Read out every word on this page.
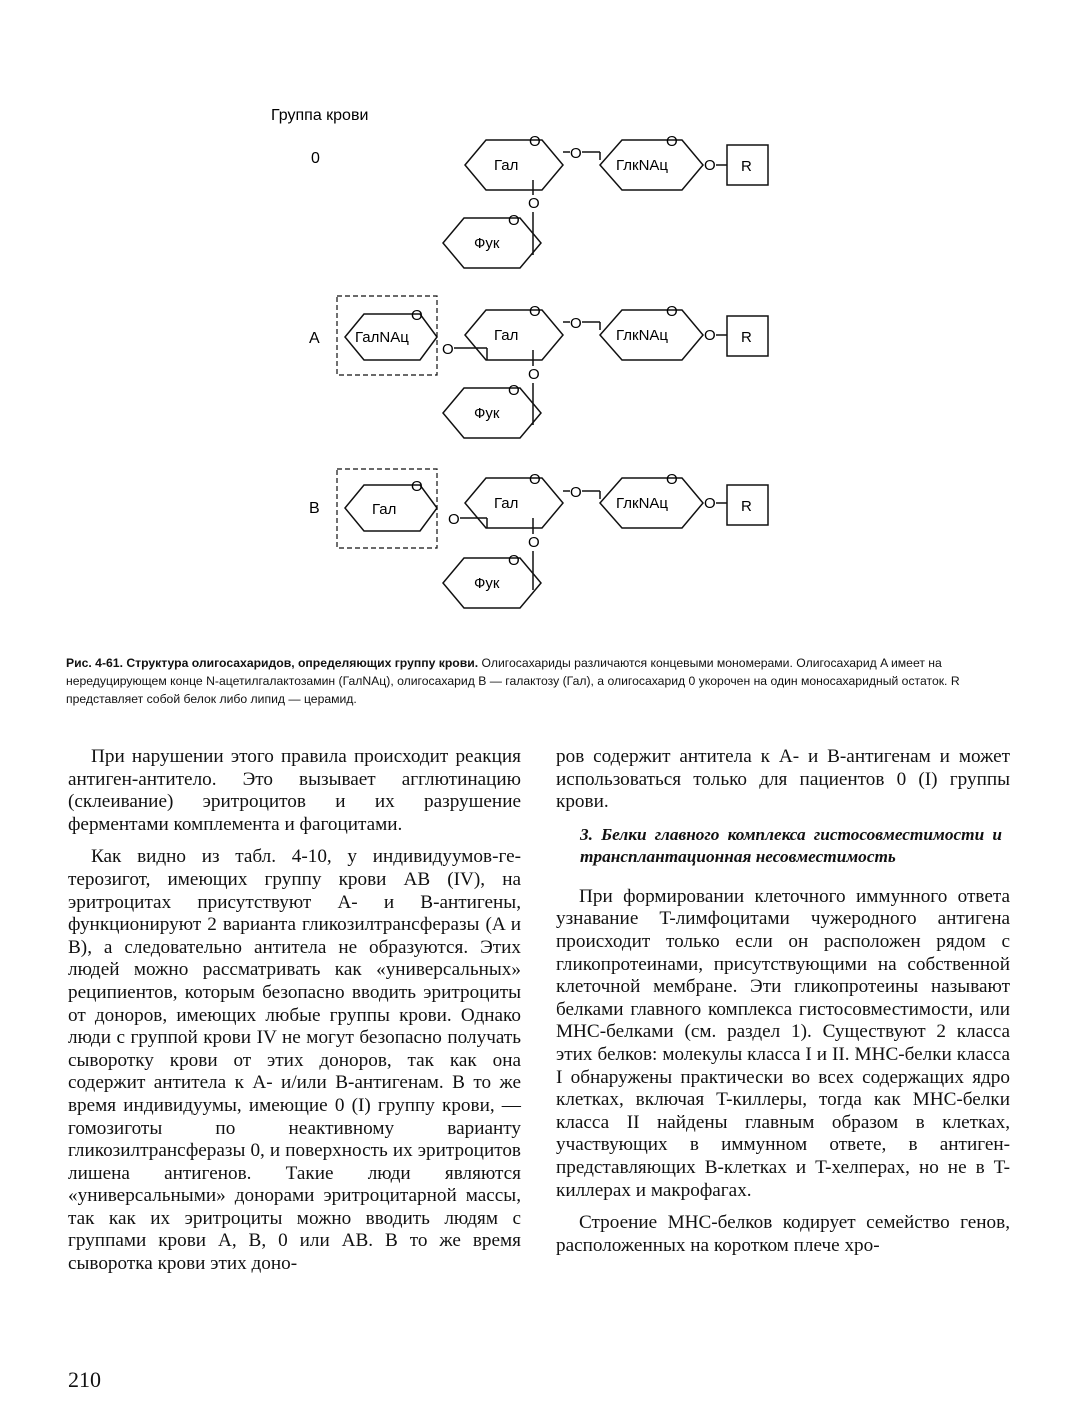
Группа крови
0	Гал
O
O
ГлкNAц
O
O R
O
Фук
O
A ГалNAц
O
O
Гал
O
O
ГлкNAц
O
O R
O
Фук
O
B	Гал
O
O
Гал
O
O
ГлкNAц
O
O R
O
Фук
O
Рис. 4-61. Структура олигосахаридов, определяющих группу крови. Олигосахариды различаются концевыми мономерами. Олигосахарид A имеет на нередуцирующем конце N-ацетилгалактозамин (ГалNAц), олигосахарид B — галактозу (Гал), а олигосахарид 0 укорочен на один моносахаридный остаток. R представляет собой белок либо липид — церамид.

При нарушении этого правила происходит реакция антиген-антитело. Это вызывает агглютинацию (склеивание) эритроцитов и их разрушение ферментами комплемента и фагоцитами.

Как видно из табл. 4-10, у индивидуумов-гетерозигот, имеющих группу крови AB (IV), на эритроцитах присутствуют A- и B-антигены, функционируют 2 варианта гликозилтрансферазы (A и B), а следовательно антитела не образуются. Этих людей можно рассматривать как «универсальных» реципиентов, которым безопасно вводить эритроциты от доноров, имеющих любые группы крови. Однако люди с группой крови IV не могут безопасно получать сыворотку крови от этих доноров, так как она содержит антитела к A- и/или B-антигенам. В то же время индивидуумы, имеющие 0 (I) группу крови, — гомозиготы по неактивному варианту гликозилтрансферазы 0, и поверхность их эритроцитов лишена антигенов. Такие люди являются «универсальными» донорами эритроцитарной массы, так как их эритроциты можно вводить людям с группами крови A, B, 0 или AB. В то же время сыворотка крови этих доно-

ров содержит антитела к A- и B-антигенам и может использоваться только для пациентов 0 (I) группы крови.

3. Белки главного комплекса гистосовместимости и трансплантационная несовместимость

При формировании клеточного иммунного ответа узнавание T-лимфоцитами чужеродного антигена происходит только если он расположен рядом с гликопротеинами, присутствующими на собственной клеточной мембране. Эти гликопротеины называют белками главного комплекса гистосовместимости, или MHC-белками (см. раздел 1). Существуют 2 класса этих белков: молекулы класса I и II. MHC-белки класса I обнаружены практически во всех содержащих ядро клетках, включая T-киллеры, тогда как MHC-белки класса II найдены главным образом в клетках, участвующих в иммунном ответе, в антиген-представляющих B-клетках и T-хелперах, но не в T-киллерах и макрофагах.

Строение MHC-белков кодирует семейство генов, расположенных на коротком плече хро-

210
